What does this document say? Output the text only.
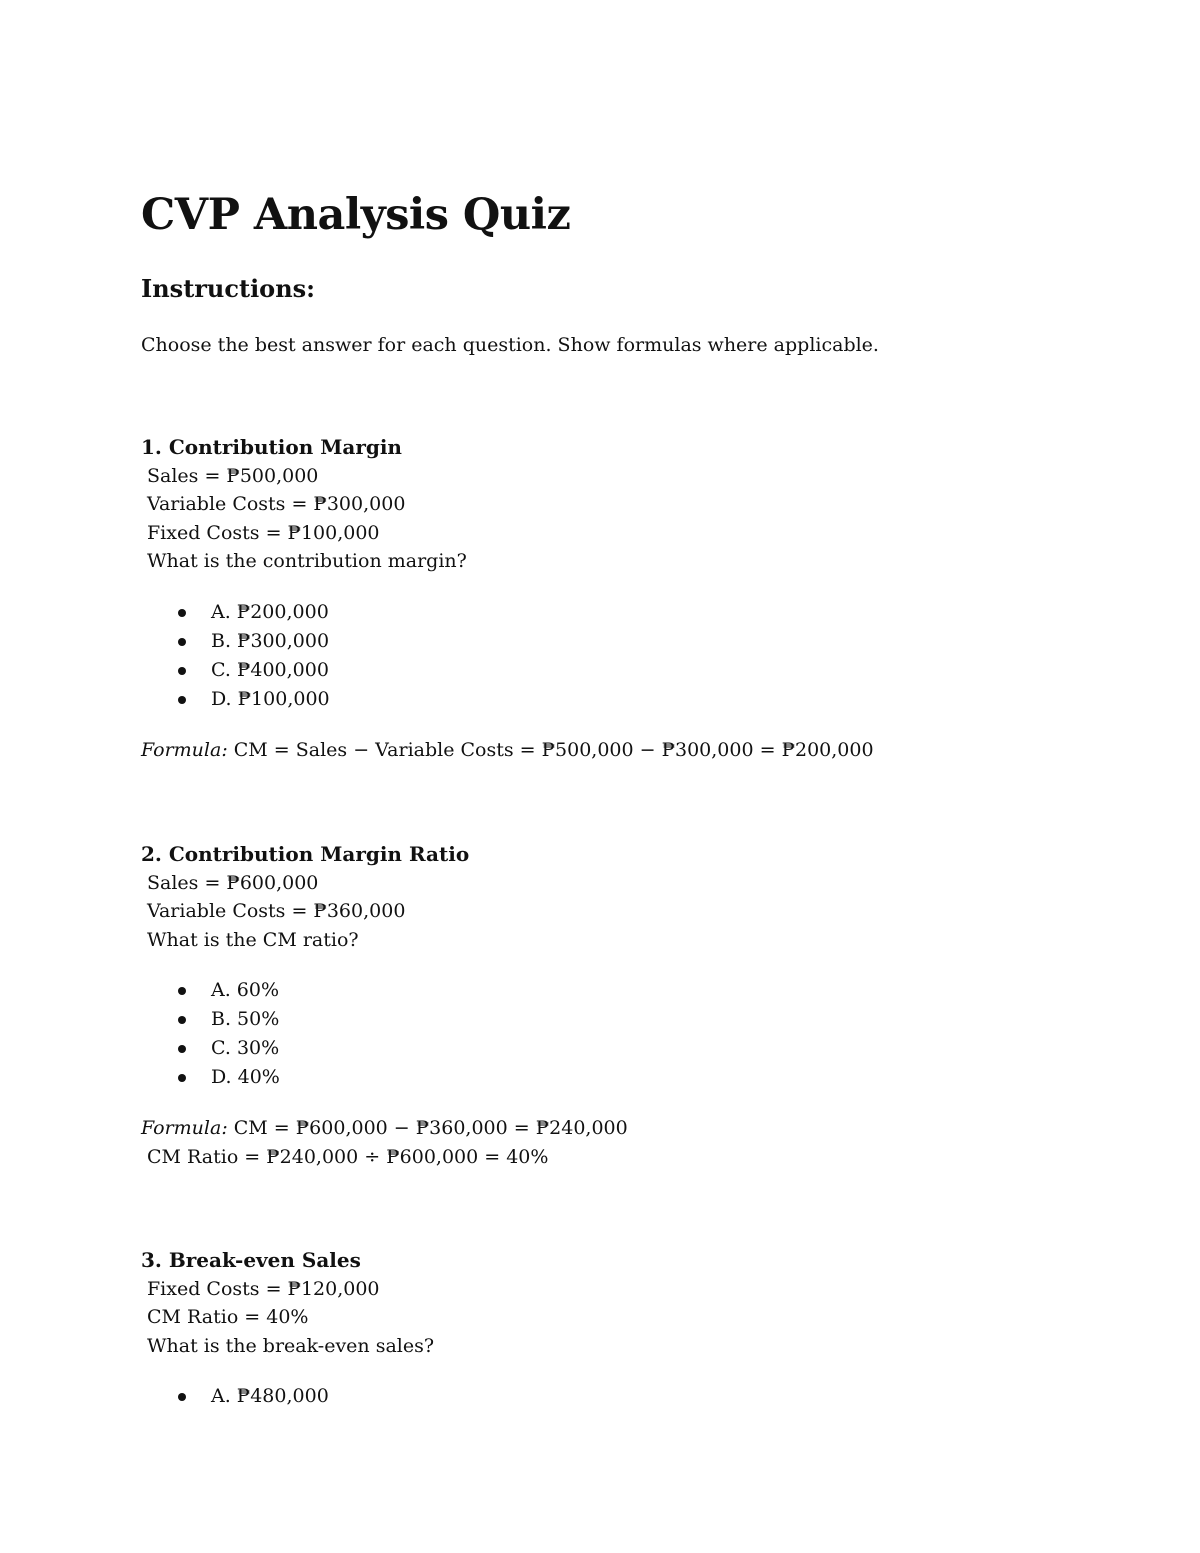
CVP Analysis Quiz
Instructions:

Choose the best answer for each question. Show formulas where applicable.

1. Contribution Margin

Sales = ₱500,000

Variable Costs = ₱300,000

Fixed Costs = ₱100,000

What is the contribution margin?

A. ₱200,000
B. ₱300,000
C. ₱400,000
D. ₱100,000

Formula: CM = Sales − Variable Costs = ₱500,000 − ₱300,000 = ₱200,000

2. Contribution Margin Ratio

Sales = ₱600,000

Variable Costs = ₱360,000

What is the CM ratio?

A. 60%
B. 50%
C. 30%
D. 40%

Formula: CM = ₱600,000 − ₱360,000 = ₱240,000

CM Ratio = ₱240,000 ÷ ₱600,000 = 40%

3. Break-even Sales

Fixed Costs = ₱120,000

CM Ratio = 40%

What is the break-even sales?

A. ₱480,000
